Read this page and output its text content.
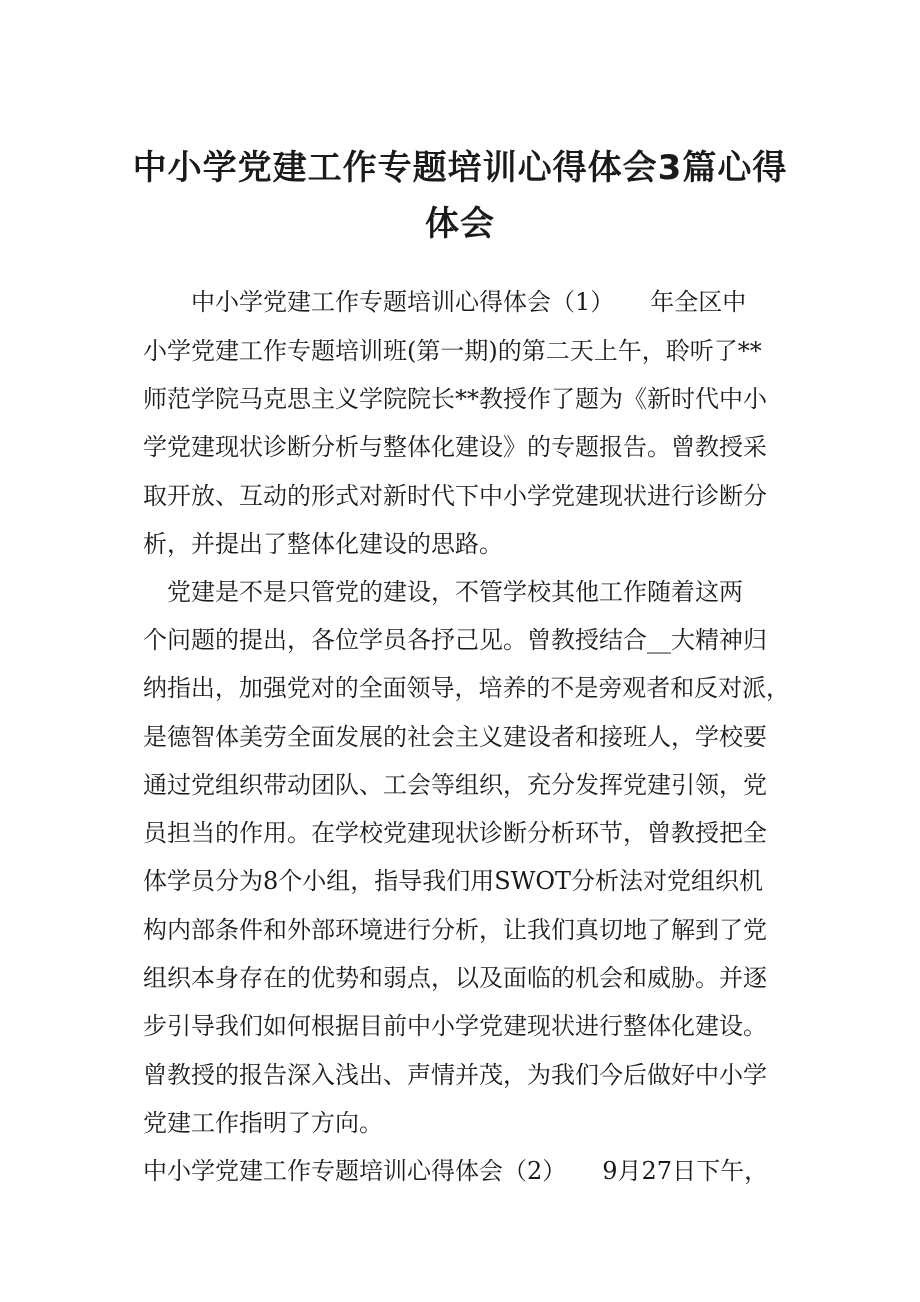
中小学党建工作专题培训心得体会3篇心得
体会

　　中小学党建工作专题培训心得体会（1）　　年全区中

小学党建工作专题培训班(第一期)的第二天上午，聆听了**

师范学院马克思主义学院院长**教授作了题为《新时代中小

学党建现状诊断分析与整体化建设》的专题报告。曾教授采

取开放、互动的形式对新时代下中小学党建现状进行诊断分

析，并提出了整体化建设的思路。

　党建是不是只管党的建设，不管学校其他工作随着这两

个问题的提出，各位学员各抒己见。曾教授结合__大精神归

纳指出，加强党对的全面领导，培养的不是旁观者和反对派，

是德智体美劳全面发展的社会主义建设者和接班人，学校要

通过党组织带动团队、工会等组织，充分发挥党建引领，党

员担当的作用。在学校党建现状诊断分析环节，曾教授把全

体学员分为8个小组，指导我们用SWOT分析法对党组织机

构内部条件和外部环境进行分析，让我们真切地了解到了党

组织本身存在的优势和弱点，以及面临的机会和威胁。并逐

步引导我们如何根据目前中小学党建现状进行整体化建设。

曾教授的报告深入浅出、声情并茂，为我们今后做好中小学

党建工作指明了方向。

中小学党建工作专题培训心得体会（2）　　9月27日下午，
